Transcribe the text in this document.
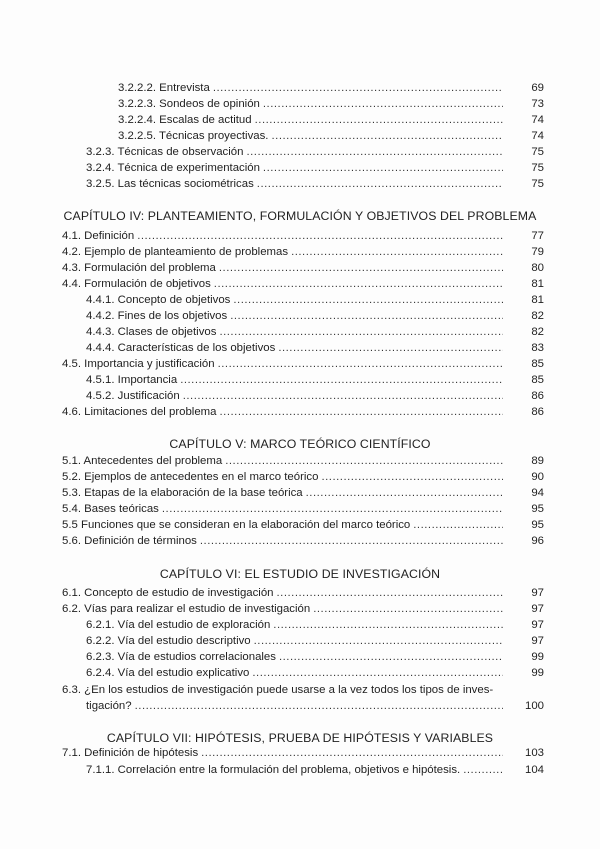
3.2.2.2. Entrevista .....	69
3.2.2.3. Sondeos de opinión .....	73
3.2.2.4. Escalas de actitud .....	74
3.2.2.5. Técnicas proyectivas. .....	74
3.2.3. Técnicas de observación .....	75
3.2.4. Técnica de experimentación .....	75
3.2.5. Las técnicas sociométricas .....	75
CAPÍTULO IV: PLANTEAMIENTO, FORMULACIÓN Y OBJETIVOS DEL PROBLEMA
4.1. Definición .....	77
4.2. Ejemplo de planteamiento de problemas .....	79
4.3. Formulación del problema .....	80
4.4. Formulación de objetivos .....	81
4.4.1. Concepto de objetivos .....	81
4.4.2. Fines de los objetivos .....	82
4.4.3. Clases de objetivos .....	82
4.4.4. Características de los objetivos .....	83
4.5. Importancia y justificación .....	85
4.5.1. Importancia .....	85
4.5.2. Justificación .....	86
4.6. Limitaciones del problema .....	86
CAPÍTULO V: MARCO TEÓRICO CIENTÍFICO
5.1. Antecedentes del problema .....	89
5.2. Ejemplos de antecedentes en el marco teórico .....	90
5.3. Etapas de la elaboración de la base teórica .....	94
5.4. Bases teóricas .....	95
5.5 Funciones que se consideran en la elaboración del marco teórico .....	95
5.6. Definición de términos .....	96
CAPÍTULO VI: EL ESTUDIO DE INVESTIGACIÓN
6.1. Concepto de estudio de investigación .....	97
6.2. Vías para realizar el estudio de investigación .....	97
6.2.1. Vía del estudio de exploración .....	97
6.2.2. Vía del estudio descriptivo .....	97
6.2.3. Vía de estudios correlacionales .....	99
6.2.4. Vía del estudio explicativo .....	99
6.3. ¿En los estudios de investigación puede usarse a la vez todos los tipos de inves-
tigación? .....	100
CAPÍTULO VII: HIPÓTESIS, PRUEBA DE HIPÓTESIS Y VARIABLES
7.1. Definición de hipótesis .....	103
7.1.1. Correlación entre la formulación del problema, objetivos e hipótesis. .....	104
